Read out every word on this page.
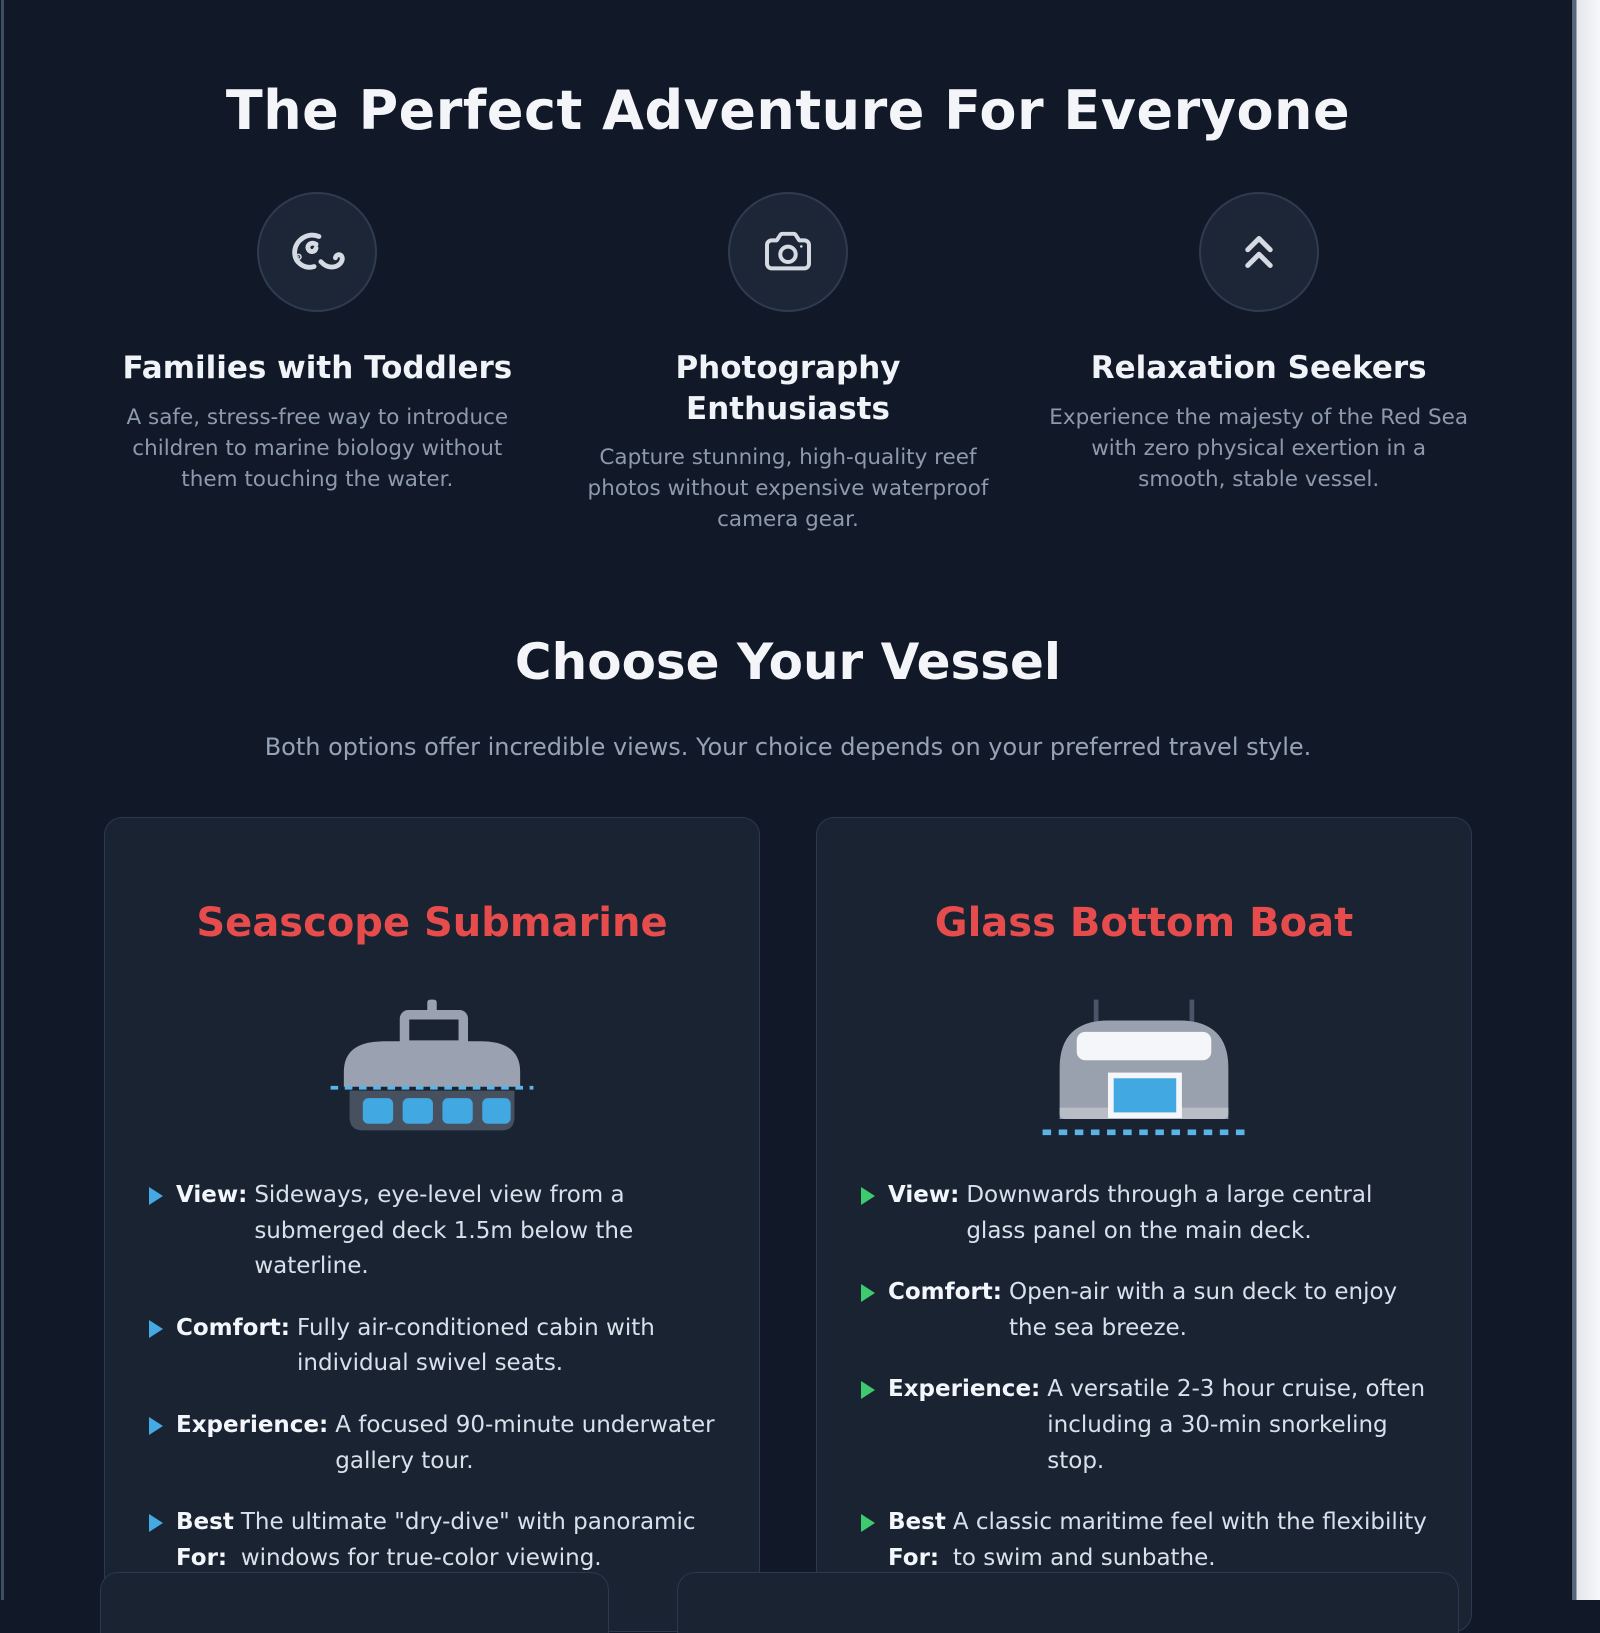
The Perfect Adventure For Everyone
Families with Toddlers

A safe, stress-free way to introduce children to marine biology without them touching the water.

Photography Enthusiasts

Capture stunning, high-quality reef photos without expensive waterproof camera gear.

Relaxation Seekers

Experience the majesty of the Red Sea with zero physical exertion in a smooth, stable vessel.

Choose Your Vessel

Both options offer incredible views. Your choice depends on your preferred travel style.

Seascope Submarine
View: Sideways, eye-level view from a submerged deck 1.5m below the waterline.
Comfort: Fully air-conditioned cabin with individual swivel seats.
Experience: A focused 90-minute underwater gallery tour.
Best For:
The ultimate "dry-dive" with panoramic windows for true-color viewing.
Glass Bottom Boat
View: Downwards through a large central glass panel on the main deck.
Comfort: Open-air with a sun deck to enjoy the sea breeze.
Experience: A versatile 2-3 hour cruise, often including a 30-min snorkeling stop.
Best For:
A classic maritime feel with the flexibility to swim and sunbathe.
